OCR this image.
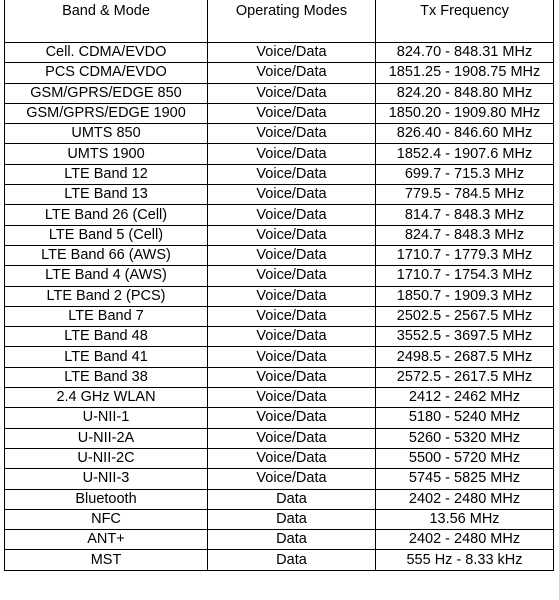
Band & Mode	Operating Modes	Tx Frequency
Cell. CDMA/EVDO	Voice/Data	824.70 - 848.31 MHz
PCS CDMA/EVDO	Voice/Data	1851.25 - 1908.75 MHz
GSM/GPRS/EDGE 850	Voice/Data	824.20 - 848.80 MHz
GSM/GPRS/EDGE 1900	Voice/Data	1850.20 - 1909.80 MHz
UMTS 850	Voice/Data	826.40 - 846.60 MHz
UMTS 1900	Voice/Data	1852.4 - 1907.6 MHz
LTE Band 12	Voice/Data	699.7 - 715.3 MHz
LTE Band 13	Voice/Data	779.5 - 784.5 MHz
LTE Band 26 (Cell)	Voice/Data	814.7 - 848.3 MHz
LTE Band 5 (Cell)	Voice/Data	824.7 - 848.3 MHz
LTE Band 66 (AWS)	Voice/Data	1710.7 - 1779.3 MHz
LTE Band 4 (AWS)	Voice/Data	1710.7 - 1754.3 MHz
LTE Band 2 (PCS)	Voice/Data	1850.7 - 1909.3 MHz
LTE Band 7	Voice/Data	2502.5 - 2567.5 MHz
LTE Band 48	Voice/Data	3552.5 - 3697.5 MHz
LTE Band 41	Voice/Data	2498.5 - 2687.5 MHz
LTE Band 38	Voice/Data	2572.5 - 2617.5 MHz
2.4 GHz WLAN	Voice/Data	2412 - 2462 MHz
U-NII-1	Voice/Data	5180 - 5240 MHz
U-NII-2A	Voice/Data	5260 - 5320 MHz
U-NII-2C	Voice/Data	5500 - 5720 MHz
U-NII-3	Voice/Data	5745 - 5825 MHz
Bluetooth	Data	2402 - 2480 MHz
NFC	Data	13.56 MHz
ANT+	Data	2402 - 2480 MHz
MST	Data	555 Hz - 8.33 kHz
